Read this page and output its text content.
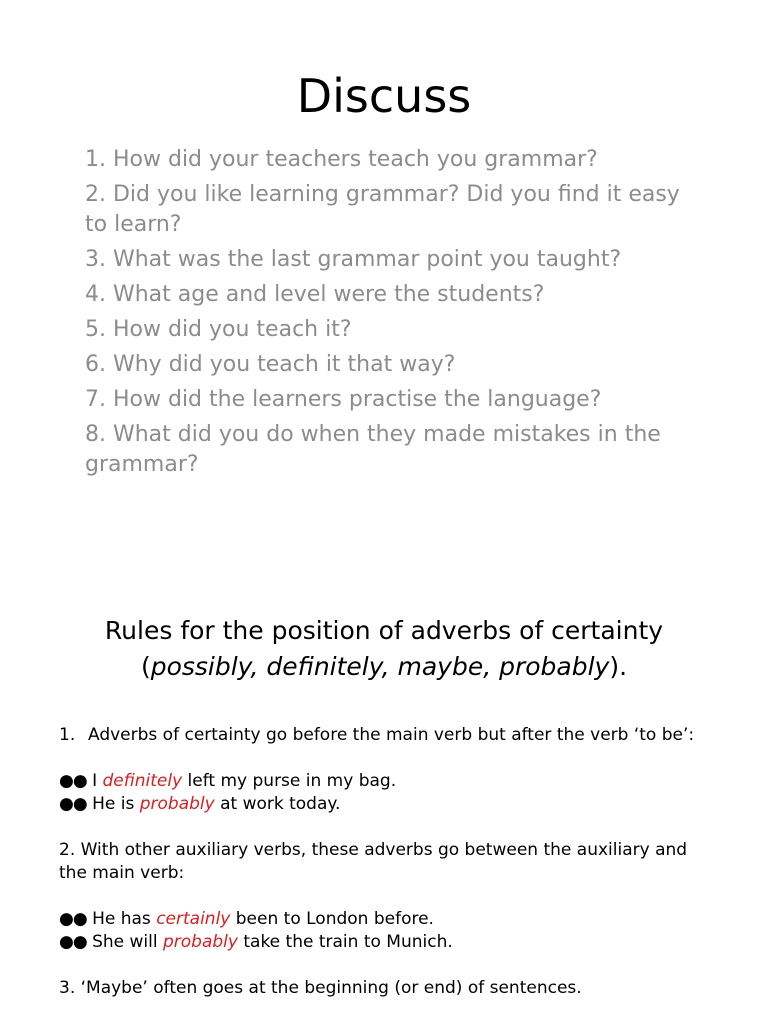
Discuss
1. How did your teachers teach you grammar?
2. Did you like learning grammar? Did you find it easy to learn?
3. What was the last grammar point you taught?
4. What age and level were the students?
5. How did you teach it?
6. Why did you teach it that way?
7. How did the learners practise the language?
8. What did you do when they made mistakes in the grammar?
Rules for the position of adverbs of certainty
(possibly, definitely, maybe, probably).
1. Adverbs of certainty go before the main verb but after the verb ‘to be’:

●● I definitely left my purse in my bag.

●● He is probably at work today.

2. With other auxiliary verbs, these adverbs go between the auxiliary and the main verb:

●● He has certainly been to London before.

●● She will probably take the train to Munich.

3. ‘Maybe’ often goes at the beginning (or end) of sentences.
